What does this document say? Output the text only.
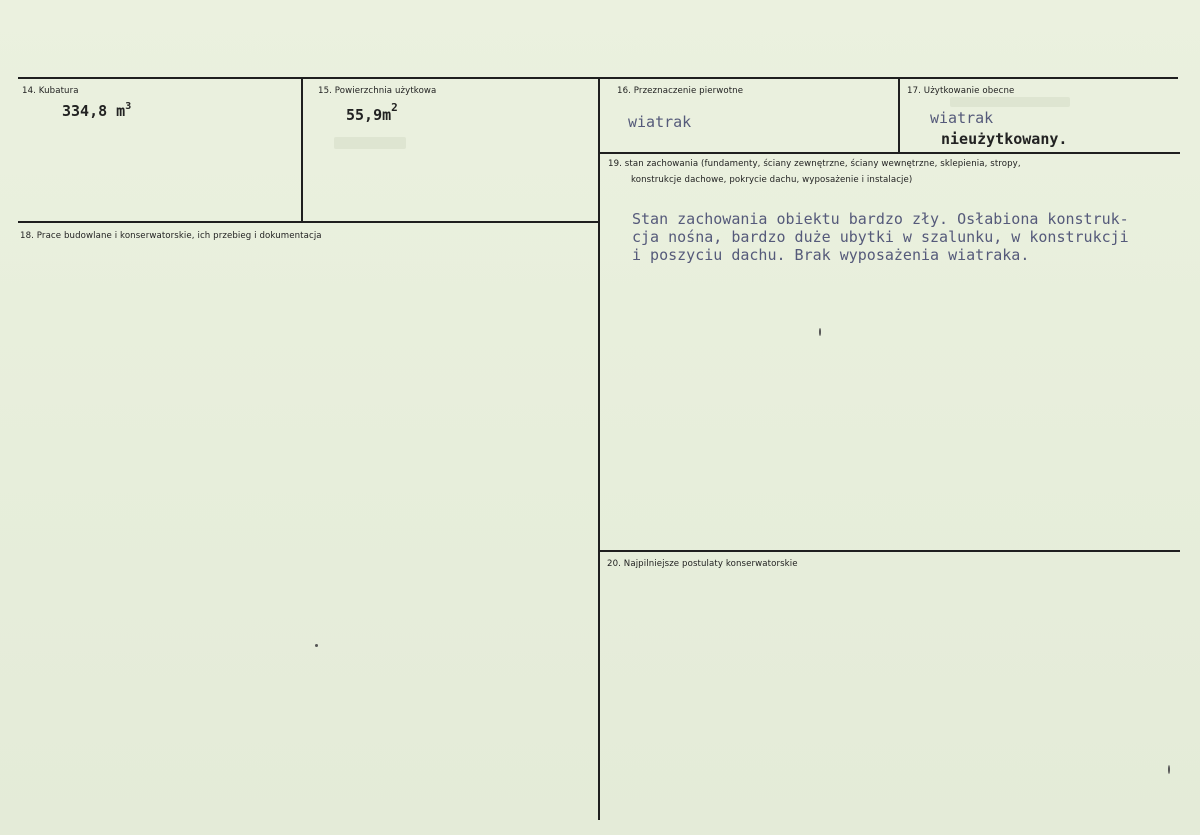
14. Kubatura
334,8 $m^3$
15. Powierzchnia użytkowa
$55,9m^2$
16. Przeznaczenie pierwotne
wiatrak
17. Użytkowanie obecne
wiatrak
nieużytkowany.
18. Prace budowlane i konserwatorskie, ich przebieg i dokumentacja
19. stan zachowania (fundamenty, ściany zewnętrzne, ściany wewnętrzne, sklepienia, stropy,
konstrukcje dachowe, pokrycie dachu, wyposażenie i instalacje)
Stan zachowania obiektu bardzo zły. Osłabiona konstruk-
cja nośna, bardzo duże ubytki w szalunku, w konstrukcji
i poszyciu dachu. Brak wyposażenia wiatraka.
20. Najpilniejsze postulaty konserwatorskie
